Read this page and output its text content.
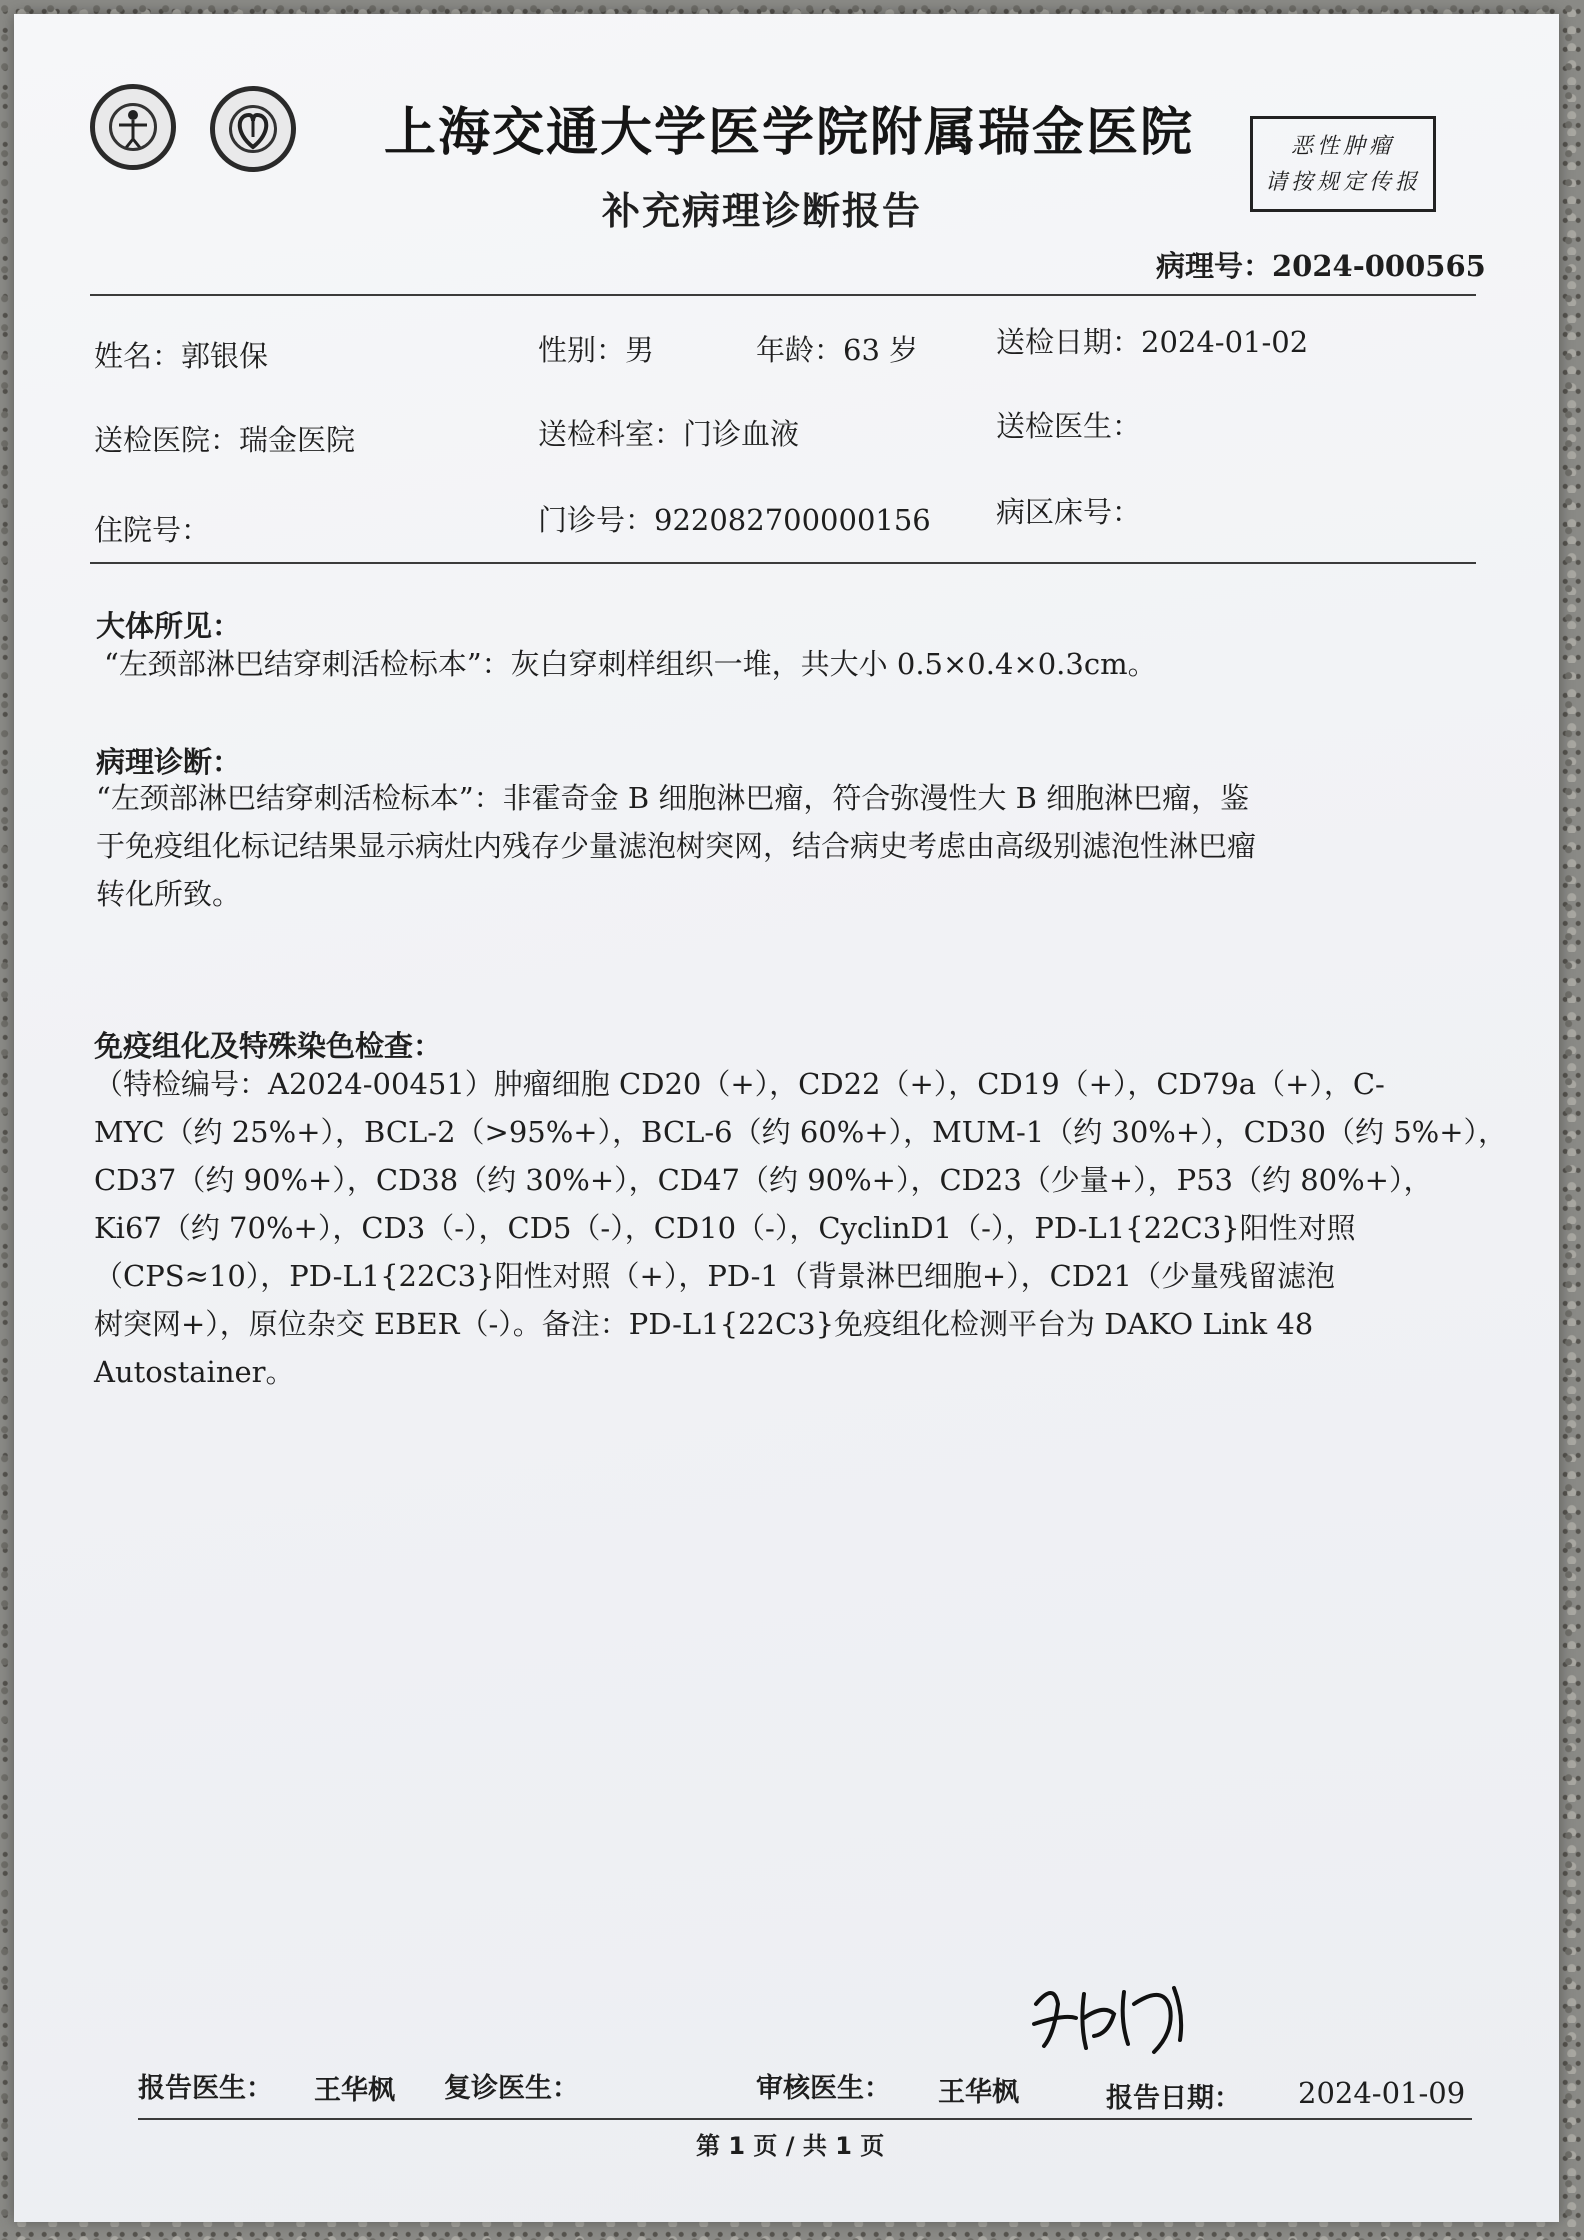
上海交通大学医学院附属瑞金医院
补充病理诊断报告
恶性肿瘤
请按规定传报
病理号：2024-000565
姓名：郭银保	性别：男	年龄：63 岁	送检日期：2024-01-02
送检医院：瑞金医院	送检科室：门诊血液	送检医生：
住院号：	门诊号：922082700000156 病区床号：
大体所见：
“左颈部淋巴结穿刺活检标本”：灰白穿刺样组织一堆，共大小 0.5×0.4×0.3cm。
病理诊断：
“左颈部淋巴结穿刺活检标本”：非霍奇金 B 细胞淋巴瘤，符合弥漫性大 B 细胞淋巴瘤，鉴
于免疫组化标记结果显示病灶内残存少量滤泡树突网，结合病史考虑由高级别滤泡性淋巴瘤
转化所致。
免疫组化及特殊染色检查：
（特检编号：A2024-00451）肿瘤细胞 CD20（+），CD22（+），CD19（+），CD79a（+），C-
MYC（约 25%+），BCL-2（>95%+），BCL-6（约 60%+），MUM-1（约 30%+），CD30（约 5%+），
CD37（约 90%+），CD38（约 30%+），CD47（约 90%+），CD23（少量+），P53（约 80%+），
Ki67（约 70%+），CD3（-），CD5（-），CD10（-），CyclinD1（-），PD-L1{22C3}阳性对照
（CPS≈10），PD-L1{22C3}阳性对照（+），PD-1（背景淋巴细胞+），CD21（少量残留滤泡
树突网+），原位杂交 EBER（-）。备注：PD-L1{22C3}免疫组化检测平台为 DAKO Link 48
Autostainer。
报告医生： 王华枫 复诊医生：	审核医生： 王华枫	报告日期： 2024-01-09
第 1 页 / 共 1 页
